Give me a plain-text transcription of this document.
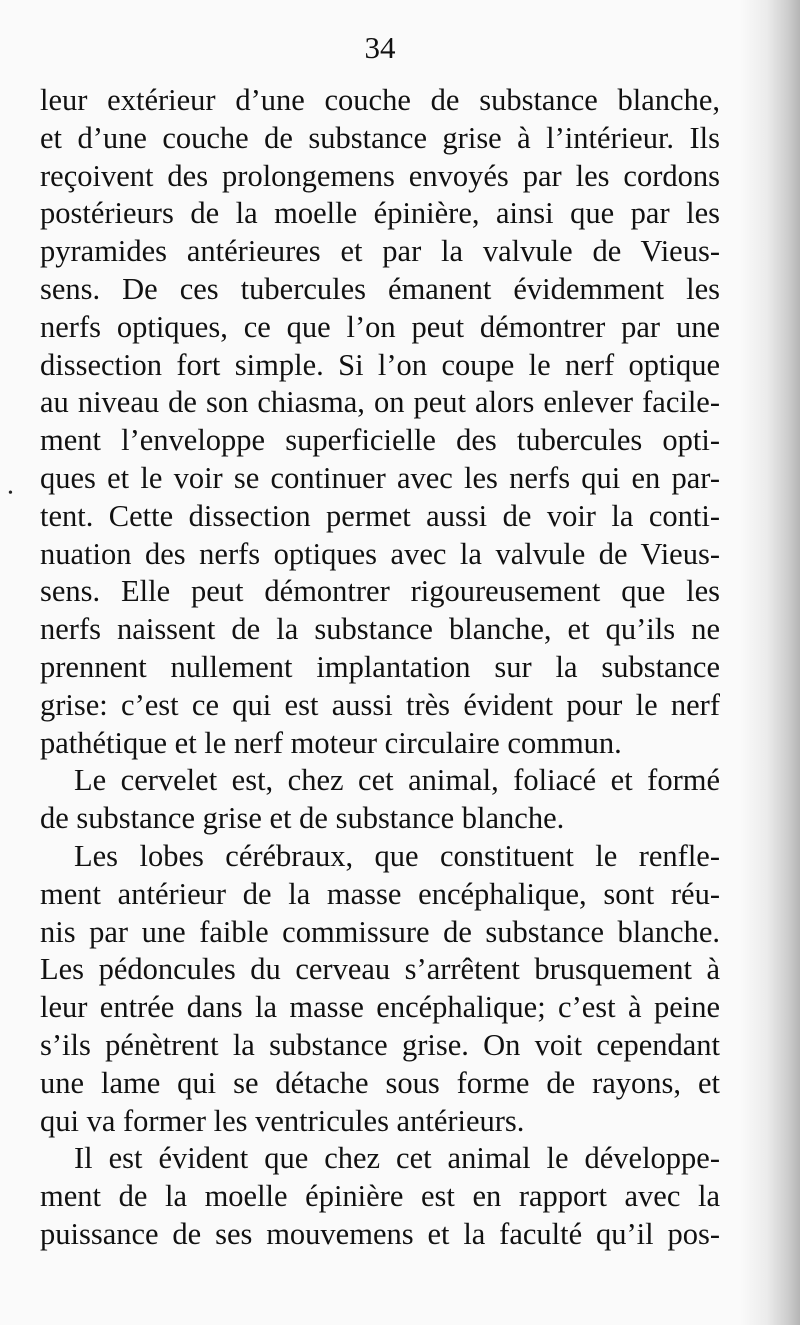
34
•
leur extérieur d’une couche de substance blanche,
et d’une couche de substance grise à l’intérieur. Ils
reçoivent des prolongemens envoyés par les cordons
postérieurs de la moelle épinière, ainsi que par les
pyramides antérieures et par la valvule de Vieus-
sens. De ces tubercules émanent évidemment les
nerfs optiques, ce que l’on peut démontrer par une
dissection fort simple. Si l’on coupe le nerf optique
au niveau de son chiasma, on peut alors enlever facile-
ment l’enveloppe superficielle des tubercules opti-
ques et le voir se continuer avec les nerfs qui en par-
tent. Cette dissection permet aussi de voir la conti-
nuation des nerfs optiques avec la valvule de Vieus-
sens. Elle peut démontrer rigoureusement que les
nerfs naissent de la substance blanche, et qu’ils ne
prennent nullement implantation sur la substance
grise: c’est ce qui est aussi très évident pour le nerf
pathétique et le nerf moteur circulaire commun.
Le cervelet est, chez cet animal, foliacé et formé
de substance grise et de substance blanche.
Les lobes cérébraux, que constituent le renfle-
ment antérieur de la masse encéphalique, sont réu-
nis par une faible commissure de substance blanche.
Les pédoncules du cerveau s’arrêtent brusquement à
leur entrée dans la masse encéphalique; c’est à peine
s’ils pénètrent la substance grise. On voit cependant
une lame qui se détache sous forme de rayons, et
qui va former les ventricules antérieurs.
Il est évident que chez cet animal le développe-
ment de la moelle épinière est en rapport avec la
puissance de ses mouvemens et la faculté qu’il pos-
